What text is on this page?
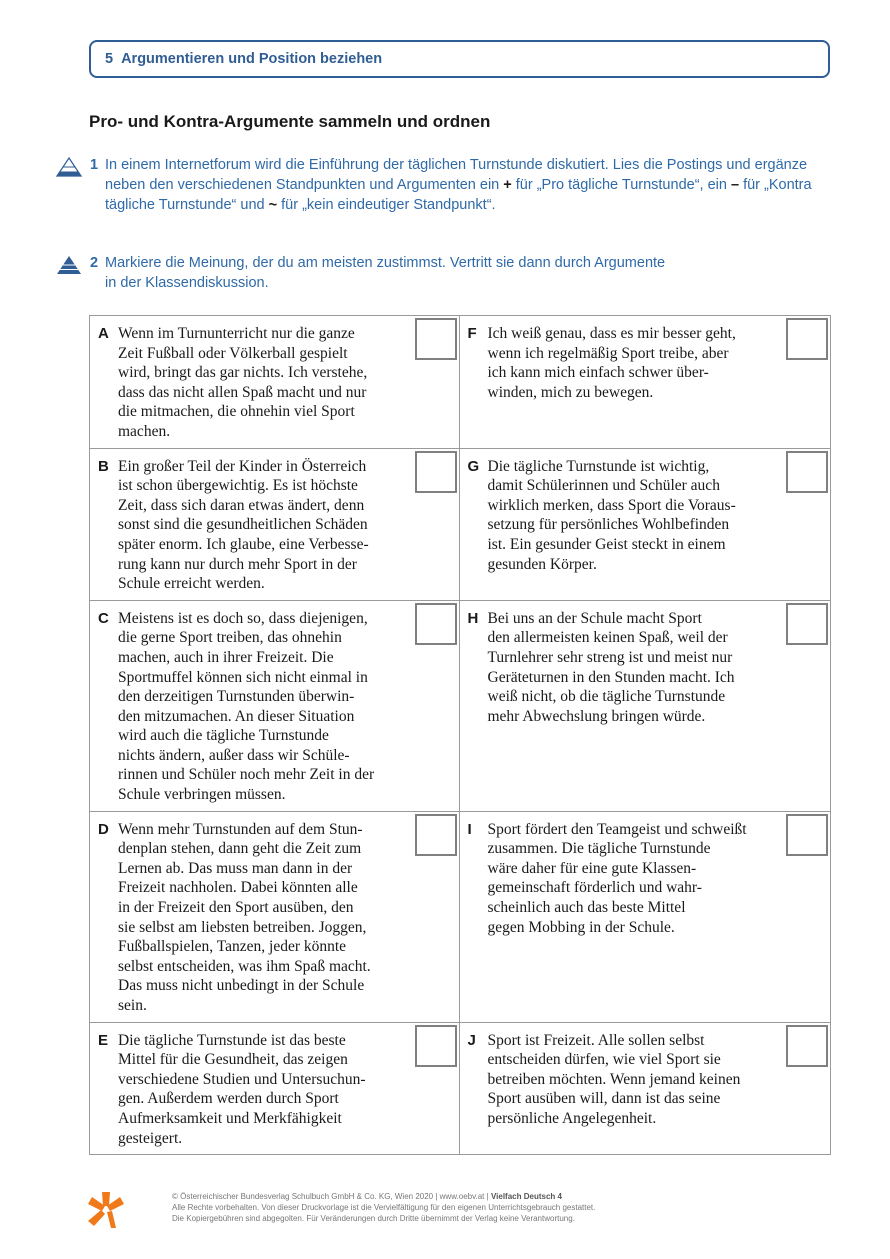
5 Argumentieren und Position beziehen
Pro- und Kontra-Argumente sammeln und ordnen
1 In einem Internetforum wird die Einführung der täglichen Turnstunde diskutiert. Lies die Postings und ergänze neben den verschiedenen Standpunkten und Argumenten ein + für „Pro tägliche Turnstunde“, ein – für „Kontra tägliche Turnstunde“ und ~ für „kein eindeutiger Standpunkt“.
2 Markiere die Meinung, der du am meisten zustimmst. Vertritt sie dann durch Argumente
in der Klassendiskussion.
A Wenn im Turnunterricht nur die ganze
Zeit Fußball oder Völkerball gespielt
wird, bringt das gar nichts. Ich verstehe,
dass das nicht allen Spaß macht und nur
die mitmachen, die ohnehin viel Sport
machen.
F Ich weiß genau, dass es mir besser geht,
wenn ich regelmäßig Sport treibe, aber
ich kann mich einfach schwer über-
winden, mich zu bewegen.
B Ein großer Teil der Kinder in Österreich
ist schon übergewichtig. Es ist höchste
Zeit, dass sich daran etwas ändert, denn
sonst sind die gesundheitlichen Schäden
später enorm. Ich glaube, eine Verbesse-
rung kann nur durch mehr Sport in der
Schule erreicht werden.
G Die tägliche Turnstunde ist wichtig,
damit Schülerinnen und Schüler auch
wirklich merken, dass Sport die Voraus-
setzung für persönliches Wohlbefinden
ist. Ein gesunder Geist steckt in einem
gesunden Körper.
C Meistens ist es doch so, dass diejenigen,
die gerne Sport treiben, das ohnehin
machen, auch in ihrer Freizeit. Die
Sportmuffel können sich nicht einmal in
den derzeitigen Turnstunden überwin-
den mitzumachen. An dieser Situation
wird auch die tägliche Turnstunde
nichts ändern, außer dass wir Schüle-
rinnen und Schüler noch mehr Zeit in der
Schule verbringen müssen.
H Bei uns an der Schule macht Sport
den allermeisten keinen Spaß, weil der
Turnlehrer sehr streng ist und meist nur
Geräteturnen in den Stunden macht. Ich
weiß nicht, ob die tägliche Turnstunde
mehr Abwechslung bringen würde.
D Wenn mehr Turnstunden auf dem Stun-
denplan stehen, dann geht die Zeit zum
Lernen ab. Das muss man dann in der
Freizeit nachholen. Dabei könnten alle
in der Freizeit den Sport ausüben, den
sie selbst am liebsten betreiben. Joggen,
Fußballspielen, Tanzen, jeder könnte
selbst entscheiden, was ihm Spaß macht.
Das muss nicht unbedingt in der Schule
sein.
I Sport fördert den Teamgeist und schweißt
zusammen. Die tägliche Turnstunde
wäre daher für eine gute Klassen-
gemeinschaft förderlich und wahr-
scheinlich auch das beste Mittel
gegen Mobbing in der Schule.
E Die tägliche Turnstunde ist das beste
Mittel für die Gesundheit, das zeigen
verschiedene Studien und Untersuchun-
gen. Außerdem werden durch Sport
Aufmerksamkeit und Merkfähigkeit
gesteigert.
J Sport ist Freizeit. Alle sollen selbst
entscheiden dürfen, wie viel Sport sie
betreiben möchten. Wenn jemand keinen
Sport ausüben will, dann ist das seine
persönliche Angelegenheit.
© Österreichischer Bundesverlag Schulbuch GmbH & Co. KG, Wien 2020 | www.oebv.at | Vielfach Deutsch 4
Alle Rechte vorbehalten. Von dieser Druckvorlage ist die Vervielfältigung für den eigenen Unterrichtsgebrauch gestattet.
Die Kopiergebühren sind abgegolten. Für Veränderungen durch Dritte übernimmt der Verlag keine Verantwortung.
